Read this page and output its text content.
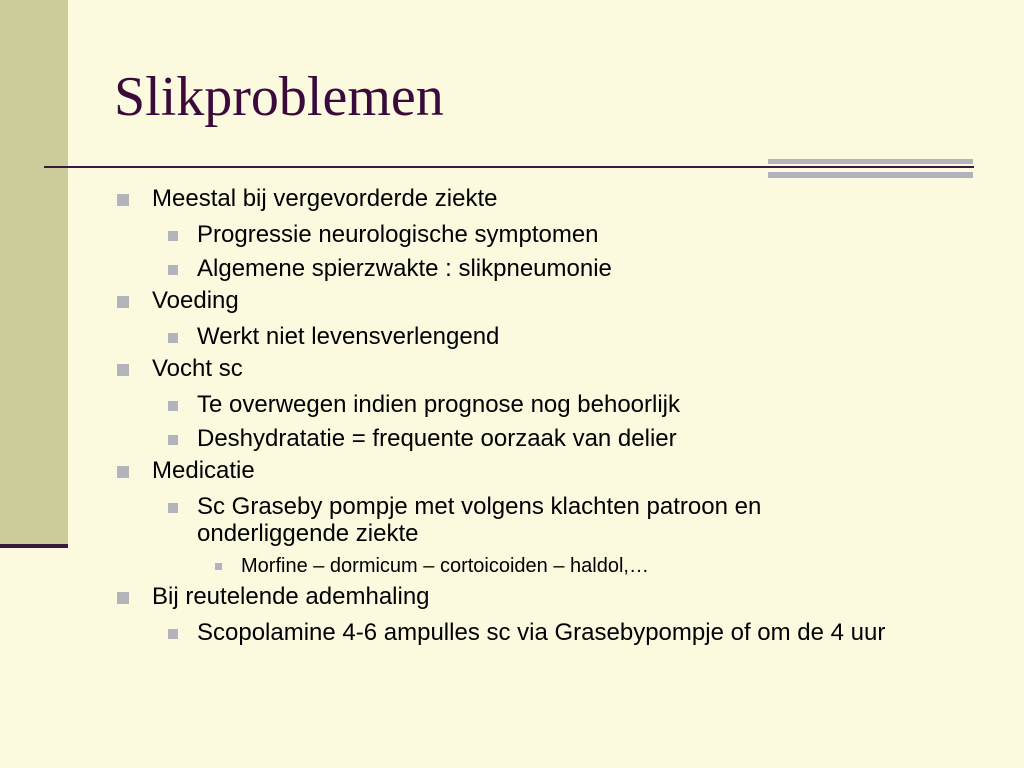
Slikproblemen
Meestal bij vergevorderde ziekte
Progressie neurologische symptomen
Algemene spierzwakte : slikpneumonie
Voeding
Werkt niet levensverlengend
Vocht sc
Te overwegen indien prognose nog behoorlijk
Deshydratatie = frequente oorzaak van delier
Medicatie
Sc Graseby pompje met volgens klachten patroon en onderliggende ziekte
Morfine – dormicum – cortoicoiden – haldol,…
Bij reutelende ademhaling
Scopolamine 4-6 ampulles sc via Grasebypompje of om de 4 uur
